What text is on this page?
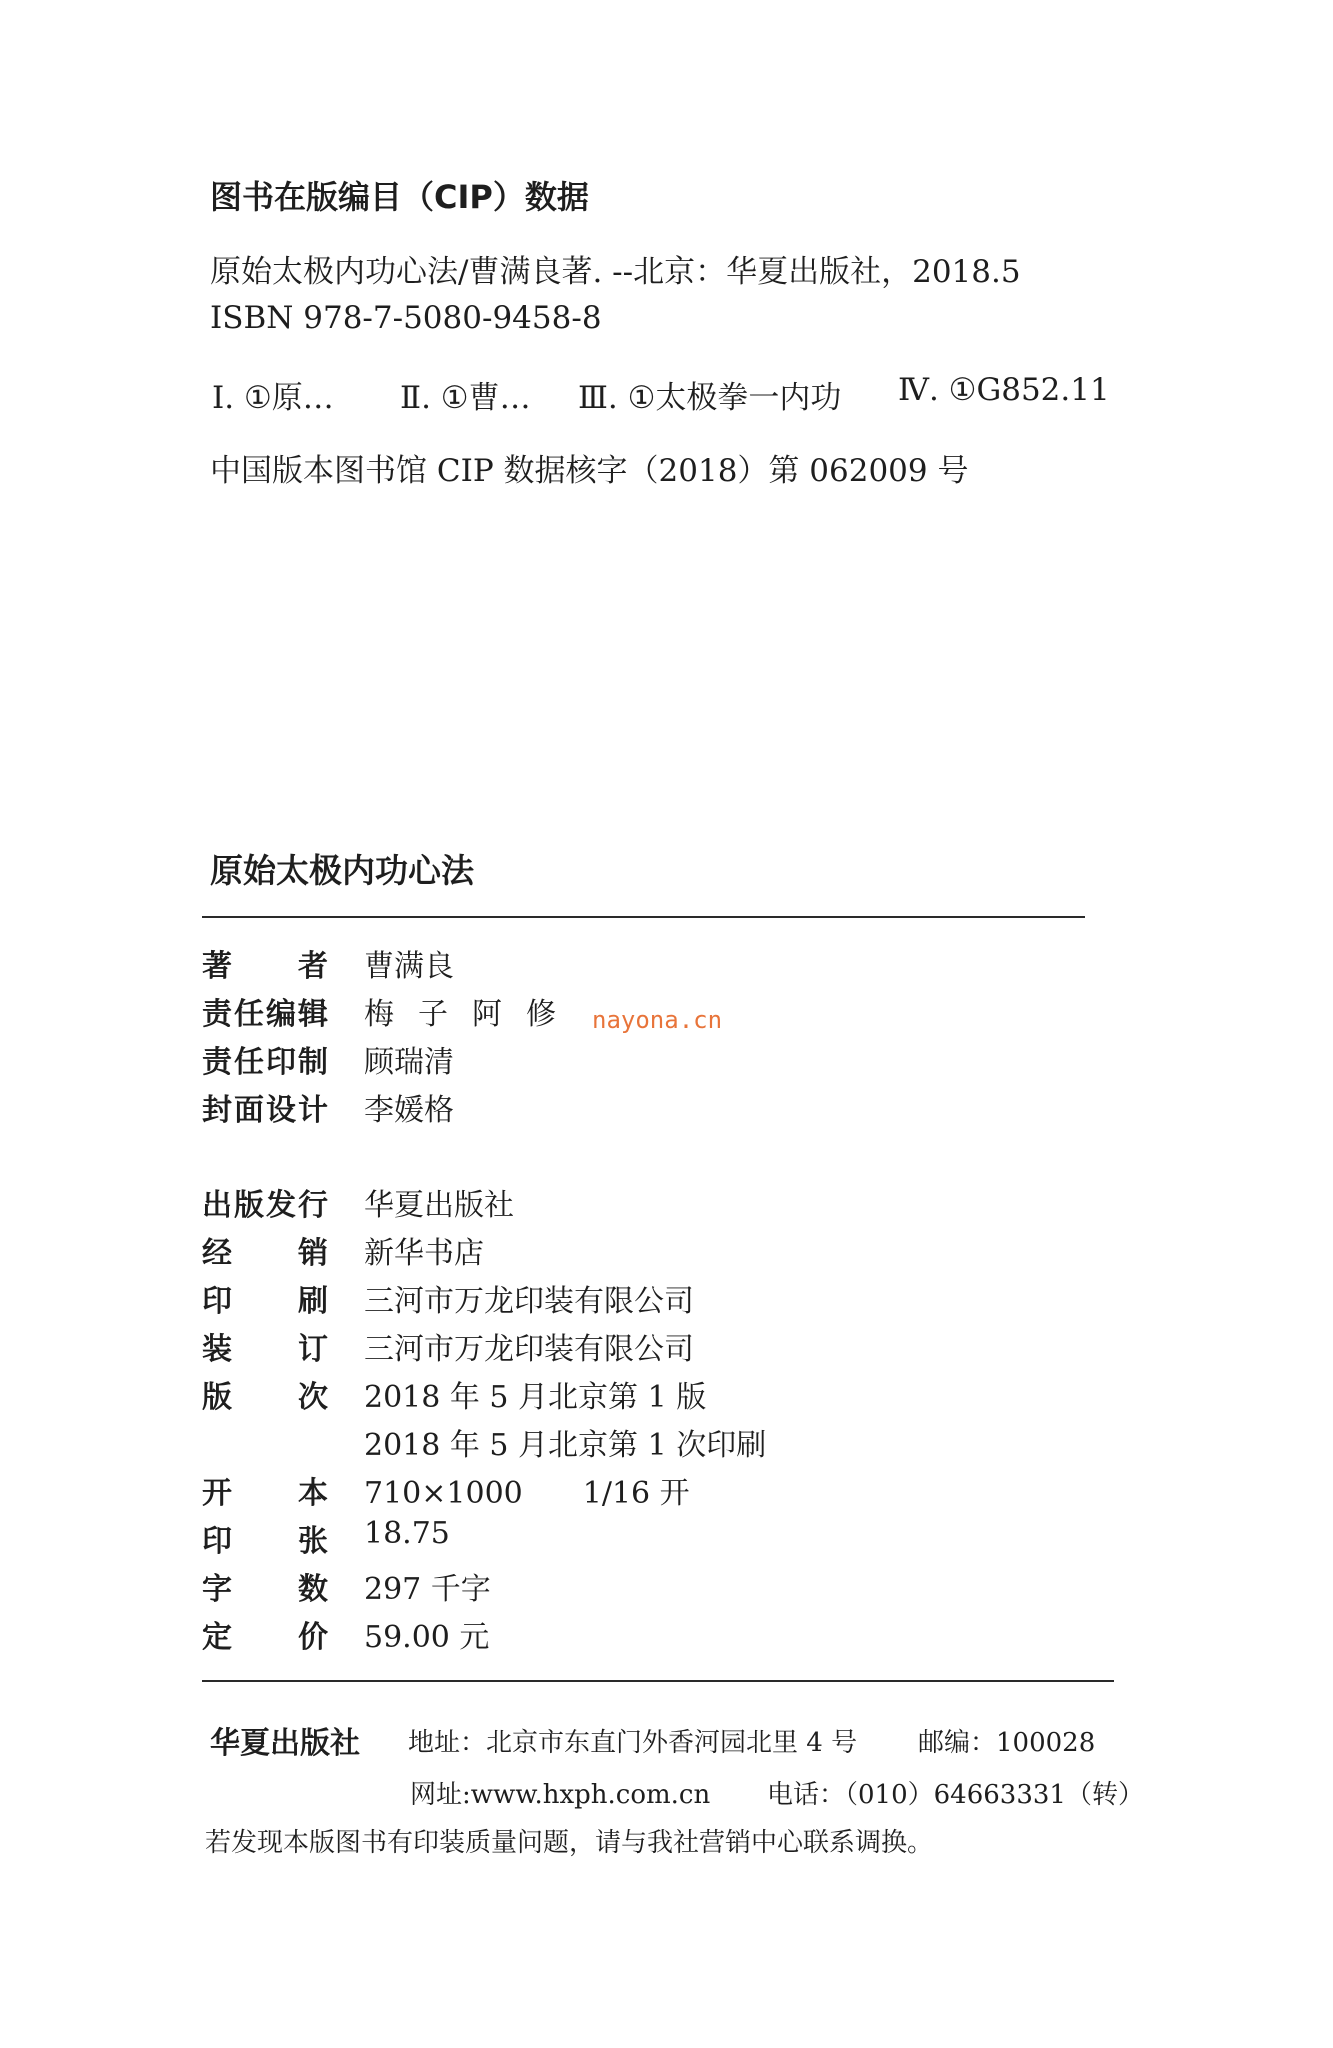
图书在版编目（CIP）数据
原始太极内功心法/曹满良著. --北京：华夏出版社，2018.5
ISBN 978-7-5080-9458-8
Ⅰ. ①原… Ⅱ. ①曹… Ⅲ. ①太极拳一内功 Ⅳ. ①G852.11
中国版本图书馆 CIP 数据核字（2018）第 062009 号
原始太极内功心法
著者 曹满良
责任编辑 梅子阿修
责任印制 顾瑞清
封面设计 李媛格
nayona.cn
出版发行 华夏出版社
经销 新华书店
印刷 三河市万龙印装有限公司
装订 三河市万龙印装有限公司
版次 2018 年 5 月北京第 1 版
2018 年 5 月北京第 1 次印刷
开本 710×1000　　1/16 开
印张 18.75
字数 297 千字
定价 59.00 元
华夏出版社 地址：北京市东直门外香河园北里 4 号 邮编：100028
网址:www.hxph.com.cn 电话：（010）64663331（转）
若发现本版图书有印装质量问题，请与我社营销中心联系调换。
